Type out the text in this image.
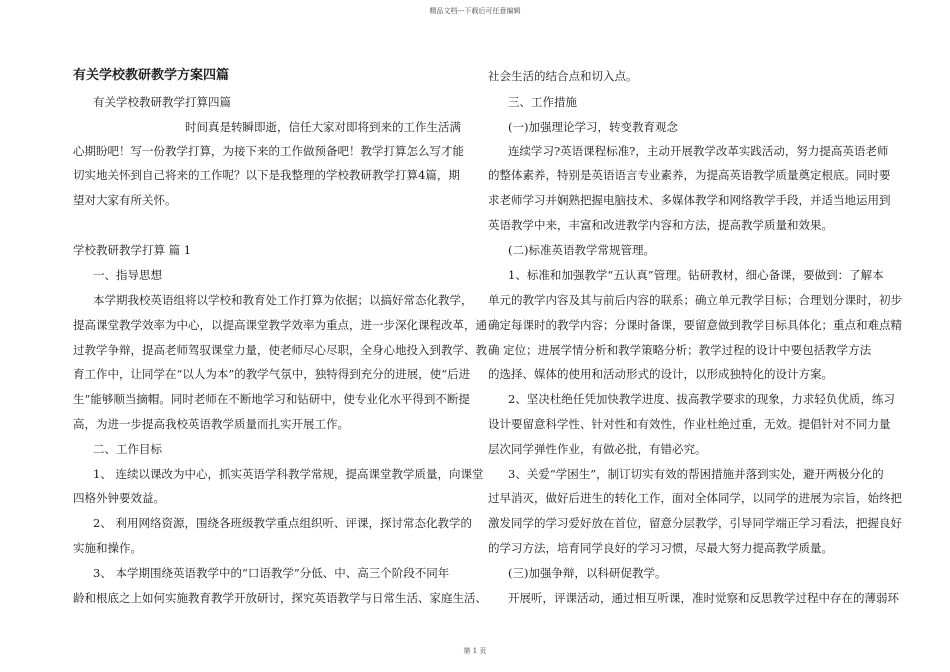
精品文档---下载后可任意编辑
有关学校教研教学方案四篇
有关学校教研教学打算四篇
时间真是转瞬即逝，信任大家对即将到来的工作生活满
心期盼吧！写一份教学打算，为接下来的工作做预备吧！教学打算怎么写才能
切实地关怀到自己将来的工作呢？以下是我整理的学校教研教学打算4篇，期
望对大家有所关怀。
学校教研教学打算 篇 1
一、指导思想
本学期我校英语组将以学校和教育处工作打算为依据；以搞好常态化教学，
提高课堂教学效率为中心，以提高课堂教学效率为重点，进一步深化课程改革，通
过教学争辩，提高老师驾驭课堂力量，使老师尽心尽职，全身心地投入到教学、教
育工作中，让同学在“以人为本”的教学气氛中，独特得到充分的进展，使“后进
生”能够顺当摘帽。同时老师在不断地学习和钻研中，使专业化水平得到不断提
高，为进一步提高我校英语教学质量而扎实开展工作。
二、工作目标
1、 连续以课改为中心，抓实英语学科教学常规，提高课堂教学质量，向课堂
四格外钟要效益。
2、 利用网络资源，围绕各班级教学重点组织听、评课，探讨常态化教学的
实施和操作。
3、 本学期围绕英语教学中的“口语教学”分低、中、高三个阶段不同年
龄和根底之上如何实施教育教学开放研讨，探究英语教学与日常生活、家庭生活、
社会生活的结合点和切入点。
三、工作措施
(一)加强理论学习，转变教育观念
连续学习?英语课程标准?，主动开展教学改革实践活动，努力提高英语老师
的整体素养，特别是英语语言专业素养，为提高英语教学质量奠定根底。同时要
求老师学习并娴熟把握电脑技术、多媒体教学和网络教学手段，并适当地运用到
英语教学中来，丰富和改进教学内容和方法，提高教学质量和效果。
(二)标准英语教学常规管理。
1、标准和加强教学“五认真”管理。钻研教材，细心备课，要做到：了解本
单元的教学内容及其与前后内容的联系；确立单元教学目标；合理划分课时，初步
确定每课时的教学内容；分课时备课，要留意做到教学目标具体化；重点和难点精
确 定位；进展学情分析和教学策略分析；教学过程的设计中要包括教学方法
的选择、媒体的使用和活动形式的设计，以形成独特化的设计方案。
2、坚决杜绝任凭加快教学进度、拔高教学要求的现象，力求轻负优质，练习
设计要留意科学性、针对性和有效性，作业杜绝过重，无效。提倡针对不同力量
层次同学弹性作业，有做必批，有错必究。
3、关爱“学困生”，制订切实有效的帮困措施并落到实处，避开两极分化的
过早消灭，做好后进生的转化工作，面对全体同学，以同学的进展为宗旨，始终把
激发同学的学习爱好放在首位，留意分层教学，引导同学端正学习看法，把握良好
的学习方法，培育同学良好的学习习惯，尽最大努力提高教学质量。
(三)加强争辩，以科研促教学。
开展听，评课活动，通过相互听课，准时觉察和反思教学过程中存在的薄弱环
第 1 页
